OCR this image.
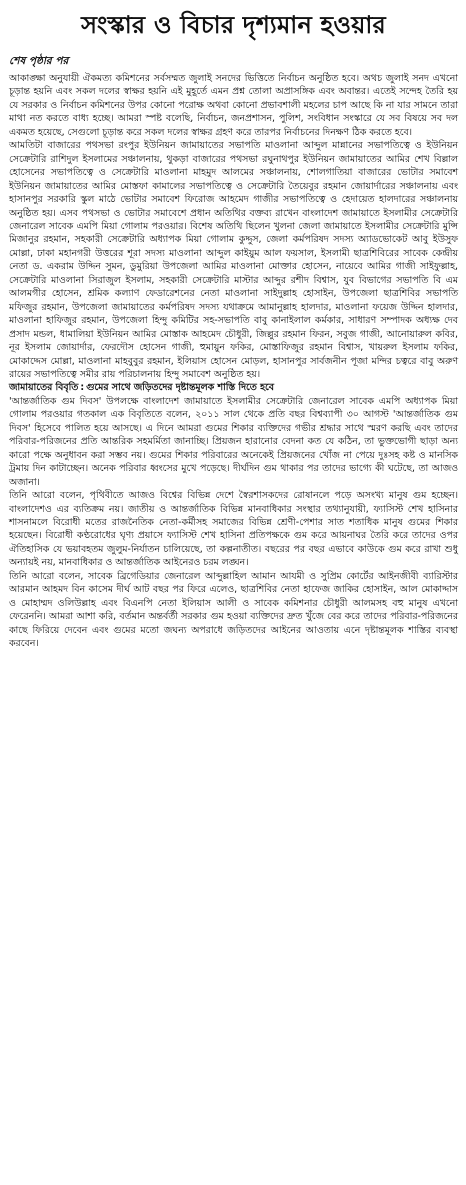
সংস্কার ও বিচার দৃশ্যমান হওয়ার
শেষ পৃষ্ঠার পর

আকাঙ্ক্ষা অনুযায়ী ঐকমত্য কমিশনের সর্বসম্মত জুলাই সনদের ভিত্তিতে নির্বাচন অনুষ্ঠিত হবে। অথচ জুলাই সনদ এখনো চূড়ান্ত হয়নি এবং সকল দলের স্বাক্ষর হয়নি এই মুহূর্তে এমন প্রশ্ন তোলা অপ্রাসঙ্গিক এবং অবান্তর। এতেই সন্দেহ তৈরি হয় যে সরকার ও নির্বাচন কমিশনের উপর কোনো পরোক্ষ অথবা কোনো প্রভাবশালী মহলের চাপ আছে কি না যার সামনে তারা মাথা নত করতে বাধ্য হচ্ছে। আমরা স্পষ্ট বলেছি, নির্বাচন, জনপ্রশাসন, পুলিশ, সংবিধান সংস্কারে যে সব বিষয়ে সব দল একমত হয়েছে, সেগুলো চূড়ান্ত করে সকল দলের স্বাক্ষর গ্রহণ করে তারপর নির্বাচনের দিনক্ষণ ঠিক করতে হবে।

আমতিটা বাজারের পথসভা রংপুর ইউনিয়ন জামায়াতের সভাপতি মাওলানা আব্দুল মান্নানের সভাপতিত্বে ও ইউনিয়ন সেক্রেটারি রাশিদুল ইসলামের সঞ্চালনায়, থুকড়া বাজারের পথসভা রঘুনাথপুর ইউনিয়ন জামায়াতের আমির শেখ বিল্লাল হোসেনের সভাপতিত্বে ও সেক্রেটারি মাওলানা মাহমুদ আলমের সঞ্চালনায়, শোলগাতিয়া বাজারের ভোটার সমাবেশ ইউনিয়ন জামায়াতের আমির মোস্তফা কামালের সভাপতিত্বে ও সেক্রেটারি তৈয়েবুর রহমান জোয়ার্দারের সঞ্চালনায় এবং হাসানপুর সরকারি স্কুল মাঠে ভোটার সমাবেশ ফিরোজ আহমেদ গাজীর সভাপতিত্বে ও হেদায়েত হালদারের সঞ্চালনায় অনুষ্ঠিত হয়। এসব পথসভা ও ভোটার সমাবেশে প্রধান অতিথির বক্তব্য রাখেন বাংলাদেশ জামায়াতে ইসলামীর সেক্রেটারি জেনারেল সাবেক এমপি মিয়া গোলাম পরওয়ার। বিশেষ অতিথি ছিলেন খুলনা জেলা জামায়াতে ইসলামীর সেক্রেটারি মুন্সি মিজানুর রহমান, সহকারী সেক্রেটারি অধ্যাপক মিয়া গোলাম কুদ্দুস, জেলা কর্মপরিষদ সদস্য অ্যাডভোকেট আবু ইউসুফ মোল্লা, ঢাকা মহানগরী উত্তরের শূরা সদস্য মাওলানা আব্দুল কাইয়ুম আল ফয়সাল, ইসলামী ছাত্রশিবিরের সাবেক কেন্দ্রীয় নেতা ড. একরাম উদ্দিন সুমন, ডুমুরিয়া উপজেলা আমির মাওলানা মোক্তার হোসেন, নায়েবে আমির গাজী সাইফুল্লাহ, সেক্রেটারি মাওলানা সিরাজুল ইসলাম, সহকারী সেক্রেটারি মাস্টার আব্দুর রশীদ বিশ্বাস, যুব বিভাগের সভাপতি বি এম আলমগীর হোসেন, শ্রমিক কল্যাণ ফেডারেশনের নেতা মাওলানা সাইদুল্লাহ হোসাইন, উপজেলা ছাত্রশিবির সভাপতি মফিজুর রহমান, উপজেলা জামায়াতের কর্মপরিষদ সদস্য যথাক্রমে আমানুল্লাহ হালদার, মাওলানা ফয়েজ উদ্দিন হালদার, মাওলানা হাফিজুর রহমান, উপজেলা হিন্দু কমিটির সহ-সভাপতি বাবু কানাইলাল কর্মকার, সাধারণ সম্পাদক অধ্যক্ষ দেব প্রসাদ মন্ডল, ধামালিয়া ইউনিয়ন আমির মোস্তাক আহমেদ চৌধুরী, জিল্লুর রহমান ফিরন, সবুজ গাজী, আনোয়ারুল কবির, নূর ইসলাম জোয়ার্দার, ফেরদৌস হোসেন গাজী, হুমায়ুন ফকির, মোস্তাফিজুর রহমান বিশ্বাস, খায়রুল ইসলাম ফকির, মোকাদ্দেস মোল্লা, মাওলানা মাহবুবুর রহমান, ইলিয়াস হোসেন মোড়ল, হাসানপুর সার্বজনীন পূজা মন্দির চত্বরে বাবু অরুণ রায়ের সভাপতিত্বে সমীর রায় পরিচালনায় হিন্দু সমাবেশ অনুষ্ঠিত হয়।

জামায়াতের বিবৃতি : গুমের সাথে জড়িতদের দৃষ্টান্তমূলক শাস্তি দিতে হবে

'আন্তর্জাতিক গুম দিবস' উপলক্ষে বাংলাদেশ জামায়াতে ইসলামীর সেক্রেটারি জেনারেল সাবেক এমপি অধ্যাপক মিয়া গোলাম পরওয়ার গতকাল এক বিবৃতিতে বলেন, ২০১১ সাল থেকে প্রতি বছর বিশ্বব্যাপী ৩০ আগস্ট 'আন্তর্জাতিক গুম দিবস' হিসেবে পালিত হয়ে আসছে। এ দিনে আমরা গুমের শিকার ব্যক্তিদের গভীর শ্রদ্ধার সাথে স্মরণ করছি এবং তাদের পরিবার-পরিজনের প্রতি আন্তরিক সহমর্মিতা জানাচ্ছি। প্রিয়জন হারানোর বেদনা কত যে কঠিন, তা ভুক্তভোগী ছাড়া অন্য কারো পক্ষে অনুধাবন করা সম্ভব নয়। গুমের শিকার পরিবারের অনেকেই প্রিয়জনের খোঁজ না পেয়ে দুঃসহ কষ্ট ও মানসিক ট্রমায় দিন কাটাচ্ছেন। অনেক পরিবার ধ্বংসের মুখে পড়েছে। দীর্ঘদিন গুম থাকার পর তাদের ভাগ্যে কী ঘটেছে, তা আজও অজানা।

তিনি আরো বলেন, পৃথিবীতে আজও বিশ্বের বিভিন্ন দেশে স্বৈরশাসকদের রোষানলে পড়ে অসংখ্য মানুষ গুম হচ্ছেন। বাংলাদেশও এর ব্যতিক্রম নয়। জাতীয় ও আন্তর্জাতিক বিভিন্ন মানবাধিকার সংস্থার তথ্যানুযায়ী, ফ্যাসিস্ট শেখ হাসিনার শাসনামলে বিরোধী মতের রাজনৈতিক নেতা-কর্মীসহ সমাজের বিভিন্ন শ্রেণী-পেশার সাত শতাধিক মানুষ গুমের শিকার হয়েছেন। বিরোধী কণ্ঠরোধের ঘৃণ্য প্রয়াসে ফ্যাসিস্ট শেখ হাসিনা প্রতিপক্ষকে গুম করে আয়নাঘর তৈরি করে তাদের ওপর ঐতিহাসিক যে ভয়াবহতম জুলুম-নির্যাতন চালিয়েছে, তা কল্পনাতীত। বছরের পর বছর এভাবে কাউকে গুম করে রাখা শুধু অন্যায়ই নয়, মানবাধিকার ও আন্তর্জাতিক আইনেরও চরম লঙ্ঘন।

তিনি আরো বলেন, সাবেক ব্রিগেডিয়ার জেনারেল আব্দুল্লাহিল আমান আযমী ও সুপ্রিম কোর্টের আইনজীবী ব্যারিস্টার আরমান আহমদ বিন কাসেম দীর্ঘ আট বছর পর ফিরে এলেও, ছাত্রশিবির নেতা হাফেজ জাকির হোসাইন, আল মোকাদ্দাস ও মোহাম্মদ ওলিউল্লাহ এবং বিএনপি নেতা ইলিয়াস আলী ও সাবেক কমিশনার চৌধুরী আলমসহ বহু মানুষ এখনো ফেরেননি। আমরা আশা করি, বর্তমান অন্তর্বর্তী সরকার গুম হওয়া ব্যক্তিদের দ্রুত খুঁজে বের করে তাদের পরিবার-পরিজনের কাছে ফিরিয়ে দেবেন এবং গুমের মতো জঘন্য অপরাধে জড়িতদের আইনের আওতায় এনে দৃষ্টান্তমূলক শাস্তির ব্যবস্থা করবেন।
